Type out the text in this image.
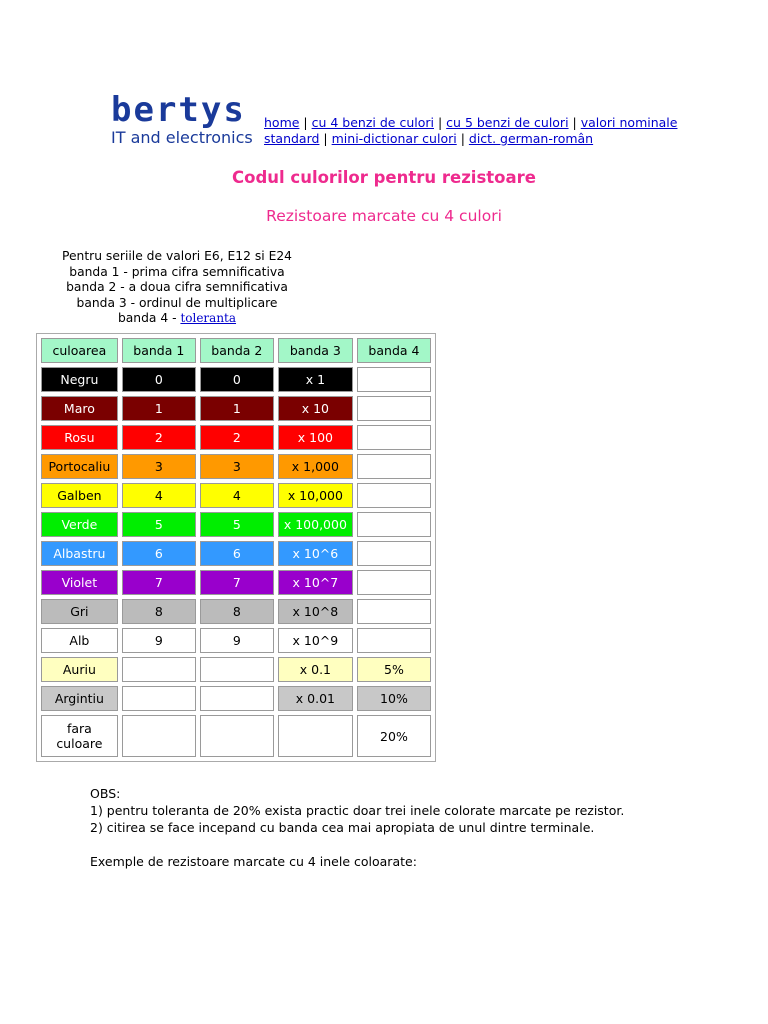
bertys
IT and electronics
home | cu 4 benzi de culori | cu 5 benzi de culori | valori nominale standard | mini-dictionar culori | dict. german-român
Codul culorilor pentru rezistoare
Rezistoare marcate cu 4 culori
Pentru seriile de valori E6, E12 si E24
banda 1 - prima cifra semnificativa
banda 2 - a doua cifra semnificativa
banda 3 - ordinul de multiplicare
banda 4 - toleranta
culoarea	banda 1	banda 2	banda 3	banda 4
Negru	0	0	x 1	
Maro	1	1	x 10	
Rosu	2	2	x 100	
Portocaliu	3	3	x 1,000	
Galben	4	4	x 10,000	
Verde	5	5	x 100,000	
Albastru	6	6	x 10^6	
Violet	7	7	x 10^7	
Gri	8	8	x 10^8	
Alb	9	9	x 10^9	
Auriu			x 0.1	5%
Argintiu			x 0.01	10%

fara
culoare				20%

OBS:

1) pentru toleranta de 20% exista practic doar trei inele colorate marcate pe rezistor.

2) citirea se face incepand cu banda cea mai apropiata de unul dintre terminale.

Exemple de rezistoare marcate cu 4 inele coloarate:
